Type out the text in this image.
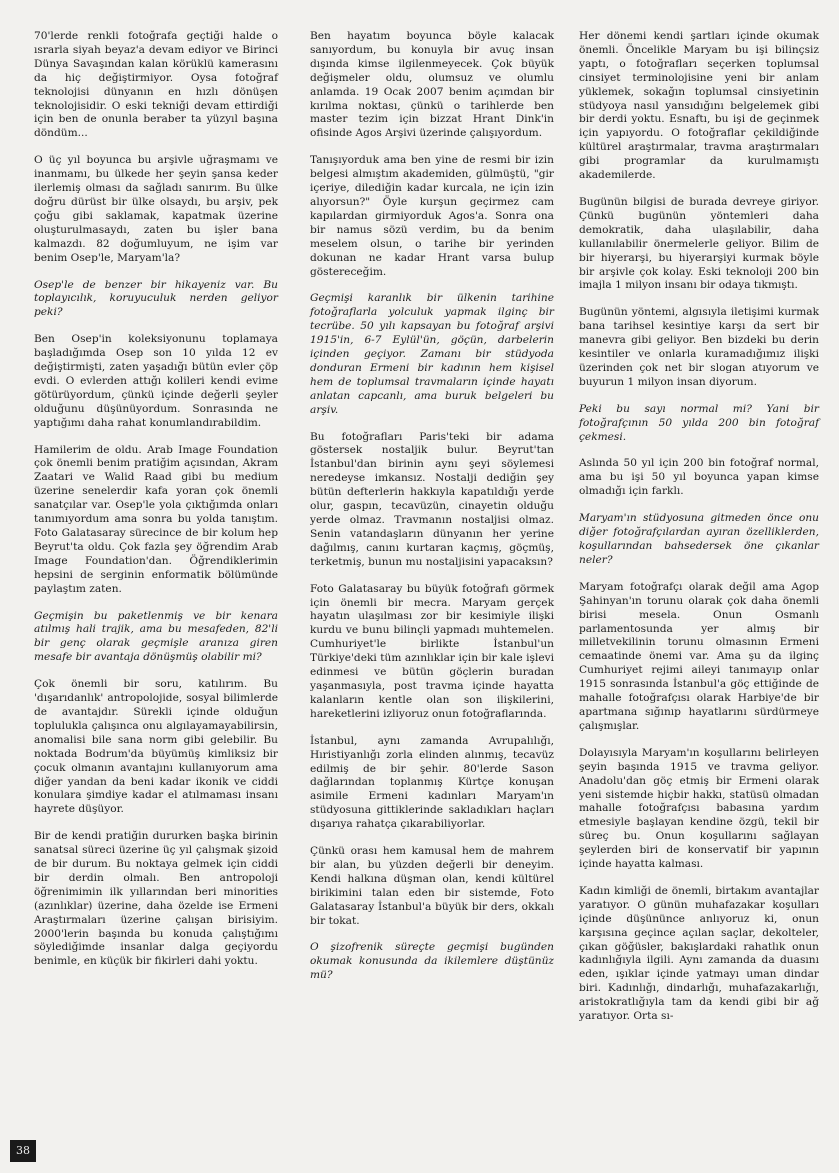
70'lerde renkli fotoğrafa geçtiği halde o ısrarla siyah beyaz'a devam ediyor ve Birinci Dünya Savaşından kalan körüklü kamerasını da hiç değiştirmiyor. Oysa fotoğraf teknolojisi dünyanın en hızlı dönüşen teknolojisidir. O eski tekniği devam ettirdiği için ben de onunla beraber ta yüzyıl başına döndüm...

O üç yıl boyunca bu arşivle uğraşmamı ve inanmamı, bu ülkede her şeyin şansa keder ilerlemiş olması da sağladı sanırım. Bu ülke doğru dürüst bir ülke olsaydı, bu arşiv, pek çoğu gibi saklamak, kapatmak üzerine oluşturulmasaydı, zaten bu işler bana kalmazdı. 82 doğumluyum, ne işim var benim Osep'le, Maryam'la?

Osep'le de benzer bir hikayeniz var. Bu toplayıcılık, koruyuculuk nerden geliyor peki?

Ben Osep'in koleksiyonunu toplamaya başladığımda Osep son 10 yılda 12 ev değiştirmişti, zaten yaşadığı bütün evler çöp evdi. O evlerden attığı kolileri kendi evime götürüyordum, çünkü içinde değerli şeyler olduğunu düşünüyordum. Sonrasında ne yaptığımı daha rahat konumlandırabildim.

Hamilerim de oldu. Arab Image Foundation çok önemli benim pratiğim açısından, Akram Zaatari ve Walid Raad gibi bu medium üzerine senelerdir kafa yoran çok önemli sanatçılar var. Osep'le yola çıktığımda onları tanımıyordum ama sonra bu yolda tanıştım. Foto Galatasaray sürecince de bir kolum hep Beyrut'ta oldu. Çok fazla şey öğrendim Arab Image Foundation'dan. Öğrendiklerimin hepsini de serginin enformatik bölümünde paylaştım zaten.

Geçmişin bu paketlenmiş ve bir kenara atılmış hali trajik, ama bu mesafeden, 82'li bir genç olarak geçmişle aranıza giren mesafe bir avantaja dönüşmüş olabilir mi?

Çok önemli bir soru, katılırım. Bu 'dışarıdanlık' antropolojide, sosyal bilimlerde de avantajdır. Sürekli içinde olduğun topluluklа çalışınca onu algılayamayabilirsin, anomalisi bile sana norm gibi gelebilir. Bu noktada Bodrum'da büyümüş kimliksiz bir çocuk olmanın avantajını kullanıyorum ama diğer yandan da beni kadar ikonik ve ciddi konulara şimdiye kadar el atılmaması insanı hayrete düşüyor.

Bir de kendi pratiğin dururken başka birinin sanatsal süreci üzerine üç yıl çalışmak şizoid de bir durum. Bu noktaya gelmek için ciddi bir derdin olmalı. Ben antropoloji öğrenimimin ilk yıllarından beri minorities (azınlıklar) üzerine, daha özelde ise Ermeni Araştırmaları üzerine çalışan birisiyim. 2000'lerin başında bu konuda çalıştığımı söylediğimde insanlar dalga geçiyordu benimle, en küçük bir fikirleri dahi yoktu.

Ben hayatım boyunca böyle kalacak sanıyordum, bu konuyla bir avuç insan dışında kimse ilgilenmeyecek. Çok büyük değişmeler oldu, olumsuz ve olumlu anlamda. 19 Ocak 2007 benim açımdan bir kırılma noktası, çünkü o tarihlerde ben master tezim için bizzat Hrant Dink'in ofisinde Agos Arşivi üzerinde çalışıyordum.

Tanışıyorduk ama ben yine de resmi bir izin belgesi almıştım akademiden, gülmüştü, "gir içeriye, dilediğin kadar kurcala, ne için izin alıyorsun?" Öyle kurşun geçirmez cam kapılardan girmiyorduk Agos'a. Sonra ona bir namus sözü verdim, bu da benim meselem olsun, o tarihe bir yerinden dokunan ne kadar Hrant varsa bulup göstereceğim.

Geçmişi karanlık bir ülkenin tarihine fotoğraflarla yolculuk yapmak ilginç bir tecrübe. 50 yılı kapsayan bu fotoğraf arşivi 1915'in, 6-7 Eylül'ün, göçün, darbelerin içinden geçiyor. Zamanı bir stüdyoda donduran Ermeni bir kadının hem kişisel hem de toplumsal travmaların içinde hayatı anlatan capcanlı, ama buruk belgeleri bu arşiv.

Bu fotoğrafları Paris'teki bir adama göstersek nostaljik bulur. Beyrut'tan İstanbul'dan birinin aynı şeyi söylemesi neredeyse imkansız. Nostalji dediğin şey bütün defterlerin hakkıyla kapatıldığı yerde olur, gaspın, tecavüzün, cinayetin olduğu yerde olmaz. Travmanın nostaljisi olmaz. Senin vatandaşların dünyanın her yerine dağılmış, canını kurtaran kaçmış, göçmüş, terketmiş, bunun mu nostaljisini yapacaksın?

Foto Galatasaray bu büyük fotoğrafı görmek için önemli bir mecra. Maryam gerçek hayatın ulaşılması zor bir kesimiyle ilişki kurdu ve bunu bilinçli yapmadı muhtemelen. Cumhuriyet'le birlikte İstanbul'un Türkiye'deki tüm azınlıklar için bir kale işlevi edinmesi ve bütün göçlerin buradan yaşanmasıyla, post travma içinde hayatta kalanların kentle olan son ilişkilerini, hareketlerini izliyoruz onun fotoğraflarında.

İstanbul, aynı zamanda Avrupalılığı, Hıristiyanlığı zorla elinden alınmış, tecavüz edilmiş de bir şehir. 80'lerde Sason dağlarından toplanmış Kürtçe konuşan asimile Ermeni kadınları Maryam'ın stüdyosuna gittiklerinde sakladıkları haçları dışarıya rahatça çıkarabiliyorlar.

Çünkü orası hem kamusal hem de mahrem bir alan, bu yüzden değerli bir deneyim. Kendi halkına düşman olan, kendi kültürel birikimini talan eden bir sistemde, Foto Galatasaray İstanbul'a büyük bir ders, okkalı bir tokat.

O şizofrenik süreçte geçmişi bugünden okumak konusunda da ikilemlere düştünüz mü?

Her dönemi kendi şartları içinde okumak önemli. Öncelikle Maryam bu işi bilinçsiz yaptı, o fotoğrafları seçerken toplumsal cinsiyet terminolojisine yeni bir anlam yüklemek, sokağın toplumsal cinsiyetinin stüdyoya nasıl yansıdığını belgelemek gibi bir derdi yoktu. Esnaftı, bu işi de geçinmek için yapıyordu. O fotoğraflar çekildiğinde kültürel araştırmalar, travma araştırmaları gibi programlar da kurulmamıştı akademilerde.

Bugünün bilgisi de burada devreye giriyor. Çünkü bugünün yöntemleri daha demokratik, daha ulaşılabilir, daha kullanılabilir önermelerle geliyor. Bilim de bir hiyerarşi, bu hiyerarşiyi kurmak böyle bir arşivle çok kolay. Eski teknoloji 200 bin imajla 1 milyon insanı bir odaya tıkmıştı.

Bugünün yöntemi, algısıyla iletişimi kurmak bana tarihsel kesintiye karşı da sert bir manevra gibi geliyor. Ben bizdeki bu derin kesintiler ve onlarla kuramadığımız ilişki üzerinden çok net bir slogan atıyorum ve buyurun 1 milyon insan diyorum.

Peki bu sayı normal mi? Yani bir fotoğrafçının 50 yılda 200 bin fotoğraf çekmesi.

Aslında 50 yıl için 200 bin fotoğraf normal, ama bu işi 50 yıl boyunca yapan kimse olmadığı için farklı.

Maryam'ın stüdyosuna gitmeden önce onu diğer fotoğrafçılardan ayıran özelliklerden, koşullarından bahsedersek öne çıkanlar neler?

Maryam fotoğrafçı olarak değil ama Agop Şahinyan'ın torunu olarak çok daha önemli birisi mesela. Onun Osmanlı parlamentosunda yer almış bir milletvekilinin torunu olmasının Ermeni cemaatinde önemi var. Ama şu da ilginç Cumhuriyet rejimi aileyi tanımayıp onlar 1915 sonrasında İstanbul'a göç ettiğinde de mahalle fotoğrafçısı olarak Harbiye'de bir apartmana sığınıp hayatlarını sürdürmeye çalışmışlar.

Dolayısıyla Maryam'ın koşullarını belirleyen şeyin başında 1915 ve travma geliyor. Anadolu'dan göç etmiş bir Ermeni olarak yeni sistemde hiçbir hakkı, statüsü olmadan mahalle fotoğrafçısı babasına yardım etmesiyle başlayan kendine özgü, tekil bir süreç bu. Onun koşullarını sağlayan şeylerden biri de konservatif bir yapının içinde hayatta kalması.

Kadın kimliği de önemli, birtakım avantajlar yaratıyor. O günün muhafazakar koşulları içinde düşününce anlıyoruz ki, onun karşısına geçince açılan saçlar, dekolteler, çıkan göğüsler, bakışlardaki rahatlık onun kadınlığıyla ilgili. Aynı zamanda da duasını eden, ışıklar içinde yatmayı uman dindar biri. Kadınlığı, dindarlığı, muhafazakarlığı, aristokratlığıyla tam da kendi gibi bir ağ yaratıyor. Orta sı-

38
